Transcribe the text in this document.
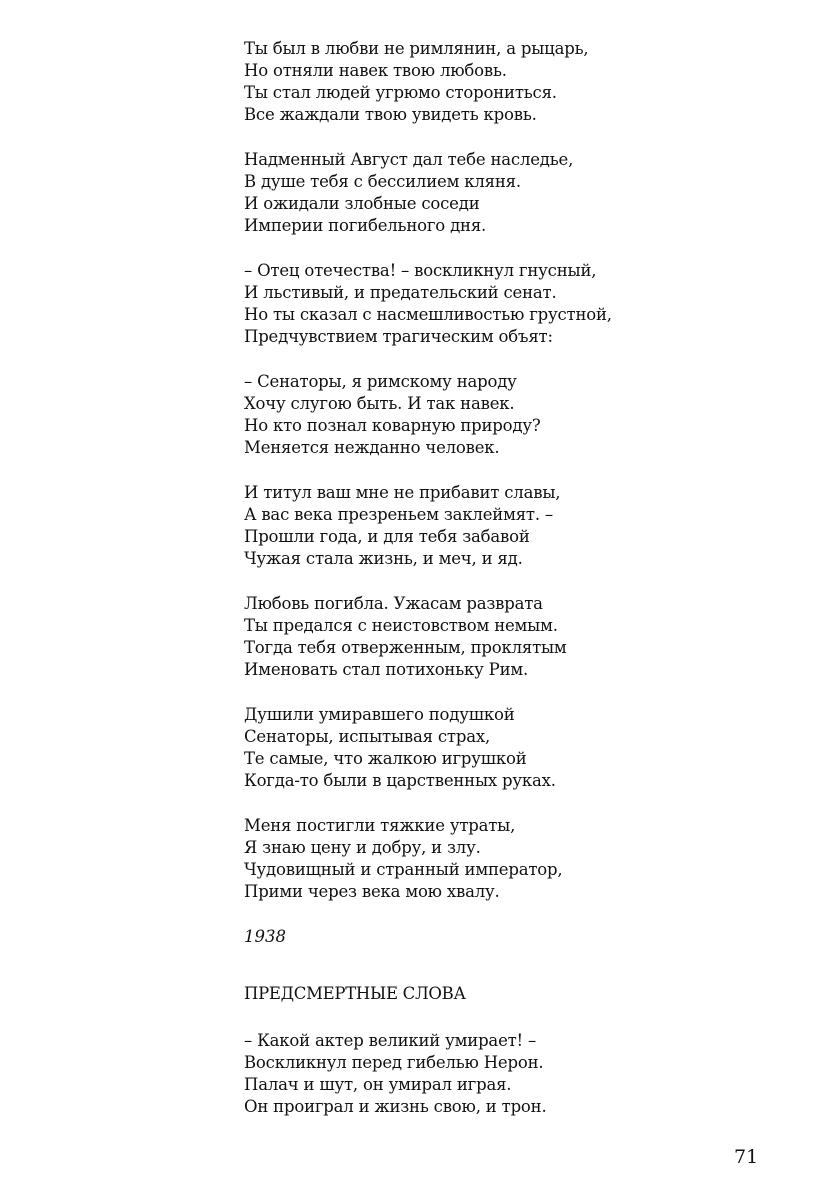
Ты был в любви не римлянин, а рыцарь,
Но отняли навек твою любовь.
Ты стал людей угрюмо сторониться.
Все жаждали твою увидеть кровь.
Надменный Август дал тебе наследье,
В душе тебя с бессилием кляня.
И ожидали злобные соседи
Империи погибельного дня.
– Отец отечества! – воскликнул гнусный,
И льстивый, и предательский сенат.
Но ты сказал с насмешливостью грустной,
Предчувствием трагическим объят:
– Сенаторы, я римскому народу
Хочу слугою быть. И так навек.
Но кто познал коварную природу?
Меняется нежданно человек.
И титул ваш мне не прибавит славы,
А вас века презреньем заклеймят. –
Прошли года, и для тебя забавой
Чужая стала жизнь, и меч, и яд.
Любовь погибла. Ужасам разврата
Ты предался с неистовством немым.
Тогда тебя отверженным, проклятым
Именовать стал потихоньку Рим.
Душили умиравшего подушкой
Сенаторы, испытывая страх,
Те самые, что жалкою игрушкой
Когда-то были в царственных руках.
Меня постигли тяжкие утраты,
Я знаю цену и добру, и злу.
Чудовищный и странный император,
Прими через века мою хвалу.
1938
ПРЕДСМЕРТНЫЕ СЛОВА
– Какой актер великий умирает! –
Воскликнул перед гибелью Нерон.
Палач и шут, он умирал играя.
Он проиграл и жизнь свою, и трон.
71
